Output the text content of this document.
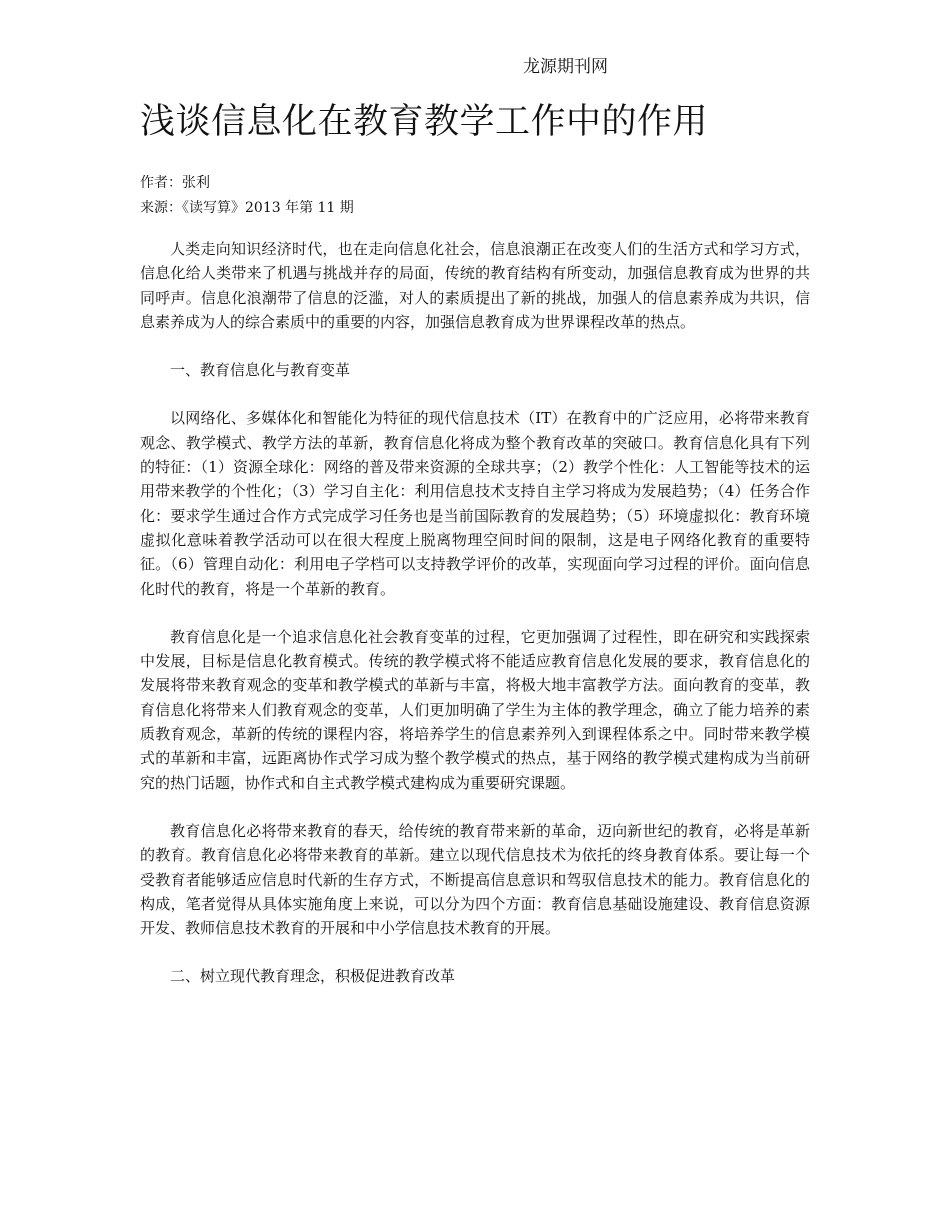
龙源期刊网
浅谈信息化在教育教学工作中的作用
作者：张利
来源：《读写算》2013 年第 11 期

人类走向知识经济时代，也在走向信息化社会，信息浪潮正在改变人们的生活方式和学习方式，信息化给人类带来了机遇与挑战并存的局面，传统的教育结构有所变动，加强信息教育成为世界的共同呼声。信息化浪潮带了信息的泛滥，对人的素质提出了新的挑战，加强人的信息素养成为共识，信息素养成为人的综合素质中的重要的内容，加强信息教育成为世界课程改革的热点。

一、教育信息化与教育变革

以网络化、多媒体化和智能化为特征的现代信息技术（IT）在教育中的广泛应用，必将带来教育观念、教学模式、教学方法的革新，教育信息化将成为整个教育改革的突破口。教育信息化具有下列的特征：（1）资源全球化：网络的普及带来资源的全球共享；（2）教学个性化：人工智能等技术的运用带来教学的个性化；（3）学习自主化：利用信息技术支持自主学习将成为发展趋势；（4）任务合作化：要求学生通过合作方式完成学习任务也是当前国际教育的发展趋势；（5）环境虚拟化：教育环境虚拟化意味着教学活动可以在很大程度上脱离物理空间时间的限制，这是电子网络化教育的重要特征。（6）管理自动化：利用电子学档可以支持教学评价的改革，实现面向学习过程的评价。面向信息化时代的教育，将是一个革新的教育。

教育信息化是一个追求信息化社会教育变革的过程，它更加强调了过程性，即在研究和实践探索中发展，目标是信息化教育模式。传统的教学模式将不能适应教育信息化发展的要求，教育信息化的发展将带来教育观念的变革和教学模式的革新与丰富，将极大地丰富教学方法。面向教育的变革，教育信息化将带来人们教育观念的变革，人们更加明确了学生为主体的教学理念，确立了能力培养的素质教育观念，革新的传统的课程内容，将培养学生的信息素养列入到课程体系之中。同时带来教学模式的革新和丰富，远距离协作式学习成为整个教学模式的热点，基于网络的教学模式建构成为当前研究的热门话题，协作式和自主式教学模式建构成为重要研究课题。

教育信息化必将带来教育的春天，给传统的教育带来新的革命，迈向新世纪的教育，必将是革新的教育。教育信息化必将带来教育的革新。建立以现代信息技术为依托的终身教育体系。要让每一个受教育者能够适应信息时代新的生存方式，不断提高信息意识和驾驭信息技术的能力。教育信息化的构成，笔者觉得从具体实施角度上来说，可以分为四个方面：教育信息基础设施建设、教育信息资源开发、教师信息技术教育的开展和中小学信息技术教育的开展。

二、树立现代教育理念，积极促进教育改革
